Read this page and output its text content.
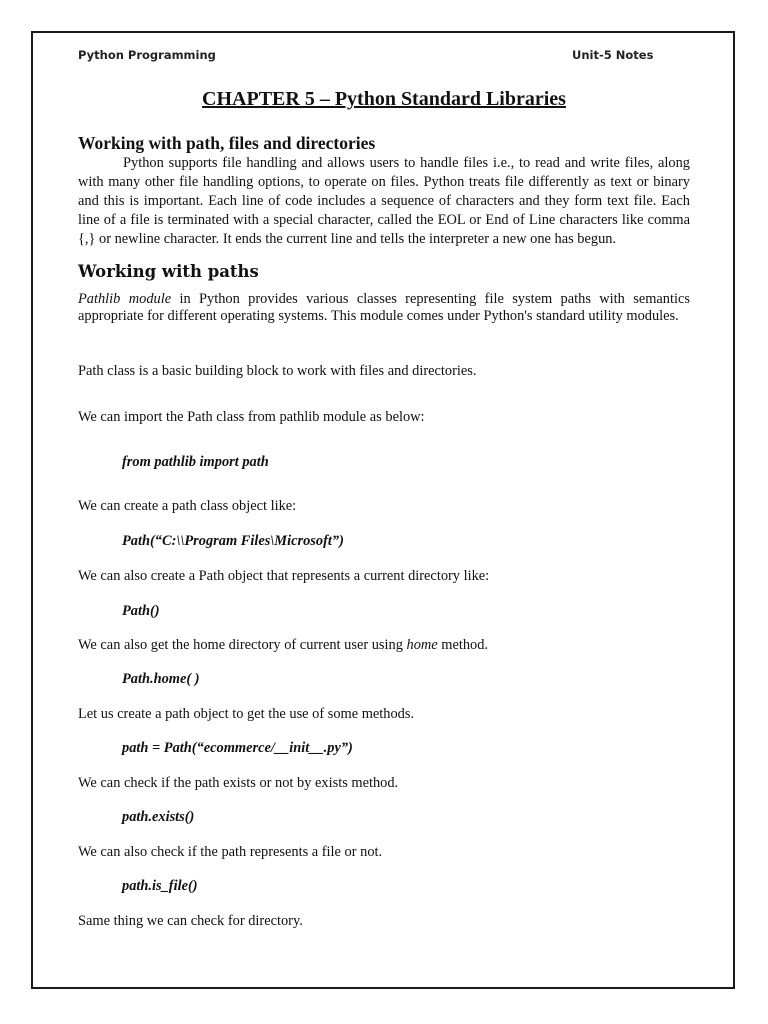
Python Programming	Unit-5 Notes
CHAPTER 5 – Python Standard Libraries
Working with path, files and directories

Python supports file handling and allows users to handle files i.e., to read and write files, along with many other file handling options, to operate on files. Python treats file differently as text or binary and this is important. Each line of code includes a sequence of characters and they form text file. Each line of a file is terminated with a special character, called the EOL or End of Line characters like comma {,} or newline character. It ends the current line and tells the interpreter a new one has begun.

Working with paths

Pathlib module in Python provides various classes representing file system paths with semantics appropriate for different operating systems. This module comes under Python's standard utility modules.

Path class is a basic building block to work with files and directories.

We can import the Path class from pathlib module as below:

from pathlib import path

We can create a path class object like:

Path(“C:\\Program Files\Microsoft”)

We can also create a Path object that represents a current directory like:

Path()

We can also get the home directory of current user using home method.

Path.home( )

Let us create a path object to get the use of some methods.

path = Path(“ecommerce/__init__.py”)

We can check if the path exists or not by exists method.

path.exists()

We can also check if the path represents a file or not.

path.is_file()

Same thing we can check for directory.
